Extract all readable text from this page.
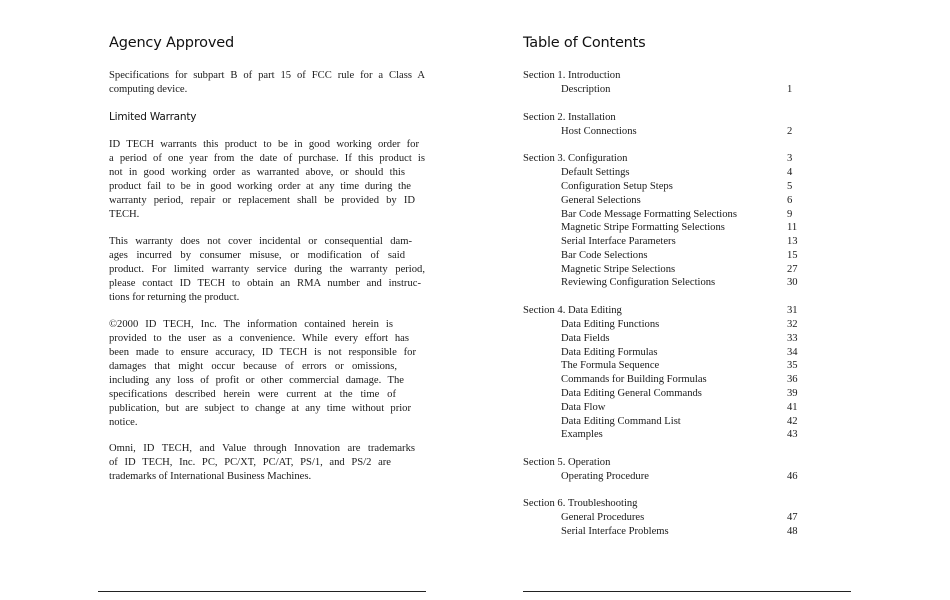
Agency Approved
Specifications for subpart B of part 15 of FCC rule for a Class A
computing device.
Limited Warranty
ID TECH warrants this product to be in good working order for
a period of one year from the date of purchase. If this product is
not in good working order as warranted above, or should this
product fail to be in good working order at any time during the
warranty period, repair or replacement shall be provided by ID
TECH.
This warranty does not cover incidental or consequential dam-
ages incurred by consumer misuse, or modification of said
product. For limited warranty service during the warranty period,
please contact ID TECH to obtain an RMA number and instruc-
tions for returning the product.
©2000 ID TECH, Inc. The information contained herein is
provided to the user as a convenience. While every effort has
been made to ensure accuracy, ID TECH is not responsible for
damages that might occur because of errors or omissions,
including any loss of profit or other commercial damage. The
specifications described herein were current at the time of
publication, but are subject to change at any time without prior
notice.
Omni, ID TECH, and Value through Innovation are trademarks
of ID TECH, Inc. PC, PC/XT, PC/AT, PS/1, and PS/2 are
trademarks of International Business Machines.
Table of Contents
Section 1. Introduction
Description	1
Section 2. Installation
Host Connections	2
Section 3. Configuration	3
Default Settings	4
Configuration Setup Steps	5
General Selections	6
Bar Code Message Formatting Selections	9
Magnetic Stripe Formatting Selections	11
Serial Interface Parameters	13
Bar Code Selections	15
Magnetic Stripe Selections	27
Reviewing Configuration Selections	30
Section 4. Data Editing	31
Data Editing Functions	32
Data Fields	33
Data Editing Formulas	34
The Formula Sequence	35
Commands for Building Formulas	36
Data Editing General Commands	39
Data Flow	41
Data Editing Command List	42
Examples	43
Section 5. Operation
Operating Procedure	46
Section 6. Troubleshooting
General Procedures	47
Serial Interface Problems	48
